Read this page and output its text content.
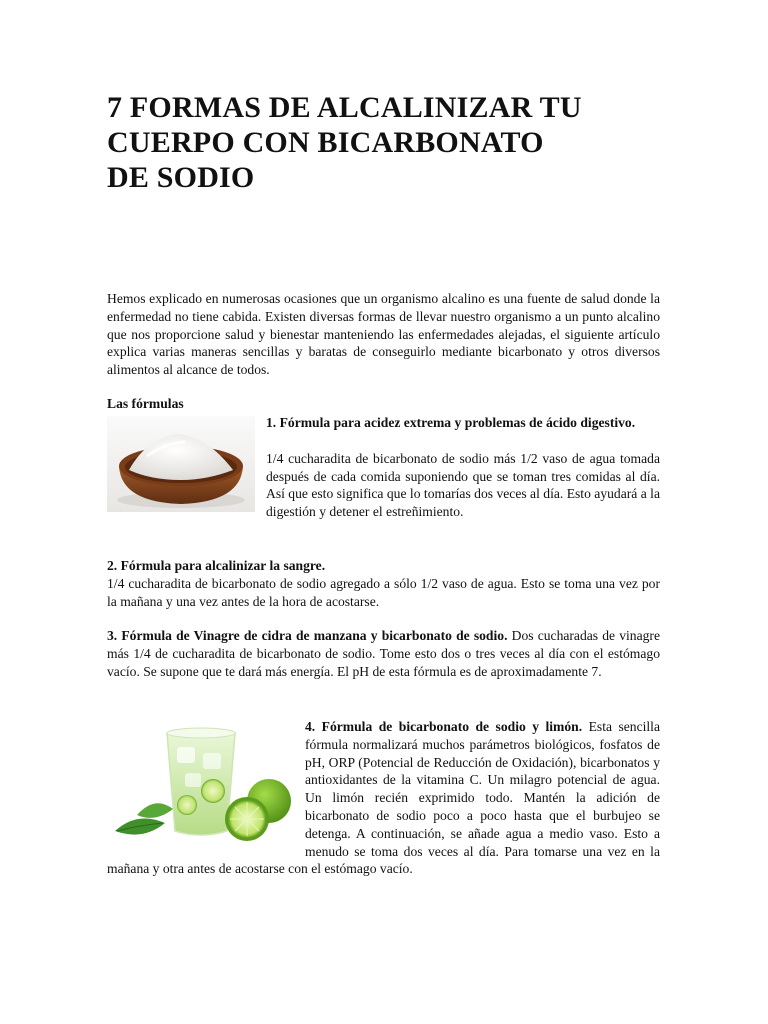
7 FORMAS DE ALCALINIZAR TU
CUERPO CON BICARBONATO
DE SODIO

Hemos explicado en numerosas ocasiones que un organismo alcalino es una fuente de salud donde la enfermedad no tiene cabida. Existen diversas formas de llevar nuestro organismo a un punto alcalino que nos proporcione salud y bienestar manteniendo las enfermedades alejadas, el siguiente artículo explica varias maneras sencillas y baratas de conseguirlo mediante bicarbonato y otros diversos alimentos al alcance de todos.

Las fórmulas

1. Fórmula para acidez extrema y problemas de ácido digestivo.

1/4 cucharadita de bicarbonato de sodio más 1/2 vaso de agua tomada después de cada comida suponiendo que se toman tres comidas al día. Así que esto significa que lo tomarías dos veces al día. Esto ayudará a la digestión y detener el estreñimiento.

2. Fórmula para alcalinizar la sangre.
1/4 cucharadita de bicarbonato de sodio agregado a sólo 1/2 vaso de agua. Esto se toma una vez por la mañana y una vez antes de la hora de acostarse.

3. Fórmula de Vinagre de cidra de manzana y bicarbonato de sodio. Dos cucharadas de vinagre más 1/4 de cucharadita de bicarbonato de sodio. Tome esto dos o tres veces al día con el estómago vacío. Se supone que te dará más energía. El pH de esta fórmula es de aproximadamente 7.

4. Fórmula de bicarbonato de sodio y limón. Esta sencilla fórmula normalizará muchos parámetros biológicos, fosfatos de pH, ORP (Potencial de Reducción de Oxidación), bicarbonatos y antioxidantes de la vitamina C. Un milagro potencial de agua. Un limón recién exprimido todo. Mantén la adición de bicarbonato de sodio poco a poco hasta que el burbujeo se detenga. A continuación, se añade agua a medio vaso. Esto a menudo se toma dos veces al día. Para tomarse una vez en la mañana y otra antes de acostarse con el estómago vacío.
